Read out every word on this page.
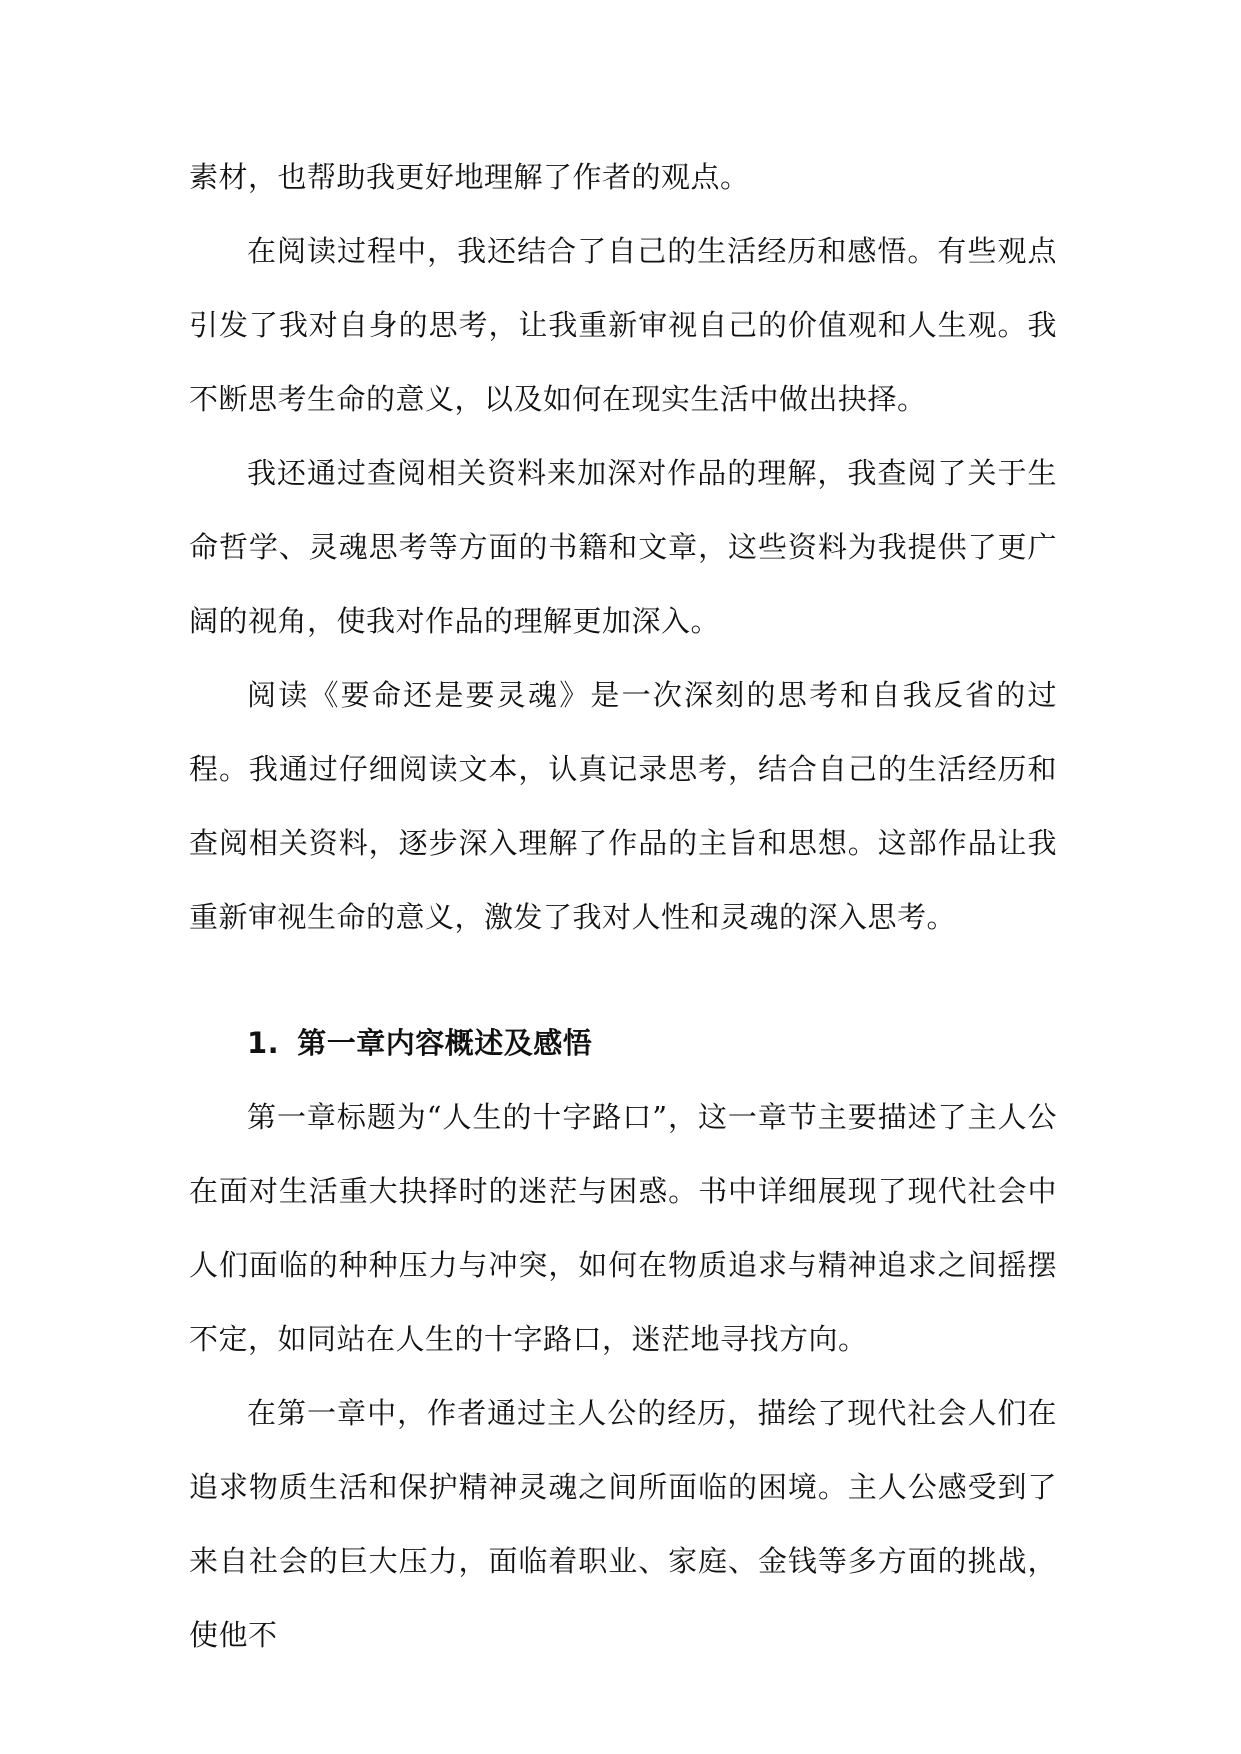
素材，也帮助我更好地理解了作者的观点。

在阅读过程中，我还结合了自己的生活经历和感悟。有些观点引发了我对自身的思考，让我重新审视自己的价值观和人生观。我不断思考生命的意义，以及如何在现实生活中做出抉择。

我还通过查阅相关资料来加深对作品的理解，我查阅了关于生命哲学、灵魂思考等方面的书籍和文章，这些资料为我提供了更广阔的视角，使我对作品的理解更加深入。

阅读《要命还是要灵魂》是一次深刻的思考和自我反省的过程。我通过仔细阅读文本，认真记录思考，结合自己的生活经历和查阅相关资料，逐步深入理解了作品的主旨和思想。这部作品让我重新审视生命的意义，激发了我对人性和灵魂的深入思考。

1. 第一章内容概述及感悟

第一章标题为“人生的十字路口”，这一章节主要描述了主人公在面对生活重大抉择时的迷茫与困惑。书中详细展现了现代社会中人们面临的种种压力与冲突，如何在物质追求与精神追求之间摇摆不定，如同站在人生的十字路口，迷茫地寻找方向。

在第一章中，作者通过主人公的经历，描绘了现代社会人们在追求物质生活和保护精神灵魂之间所面临的困境。主人公感受到了来自社会的巨大压力，面临着职业、家庭、金钱等多方面的挑战，使他不
